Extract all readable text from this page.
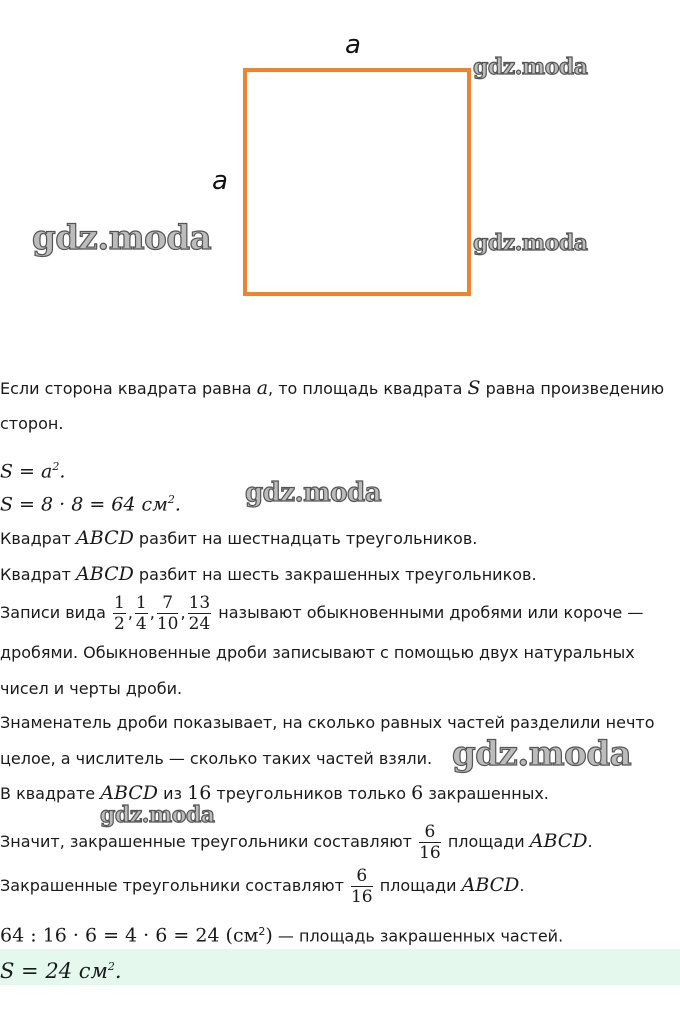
a
a
gdz.moda
gdz.moda	gdz.moda
gdz.moda
gdz.moda
gdz.moda
Если сторона квадрата равна a, то площадь квадрата S равна произведению
сторон.
$S = a^2$.
S = 8 · 8 = 64 $см^2$.
Квадрат ABCD разбит на шестнадцать треугольников.
Квадрат ABCD разбит на шесть закрашенных треугольников.
Записи вида $\frac{1}{2}$ , $\frac{1}{4}$ , $\frac{7}{10}$ , $\frac{13}{24}$ называют обыкновенными дробями или короче —
дробями. Обыкновенные дроби записывают с помощью двух натуральных
чисел и черты дроби.
Знаменатель дроби показывает, на сколько равных частей разделили нечто
целое, а числитель — сколько таких частей взяли.
В квадрате ABCD из 16 треугольников только 6 закрашенных.
Значит, закрашенные треугольники составляют $\frac{6}{16}$ площади ABCD.
Закрашенные треугольники составляют $\frac{6}{16}$ площади ABCD.
64 : 16 · 6 = 4 · 6 = 24 $(см^2)$ — площадь закрашенных частей.
S = 24 $см^2$.
